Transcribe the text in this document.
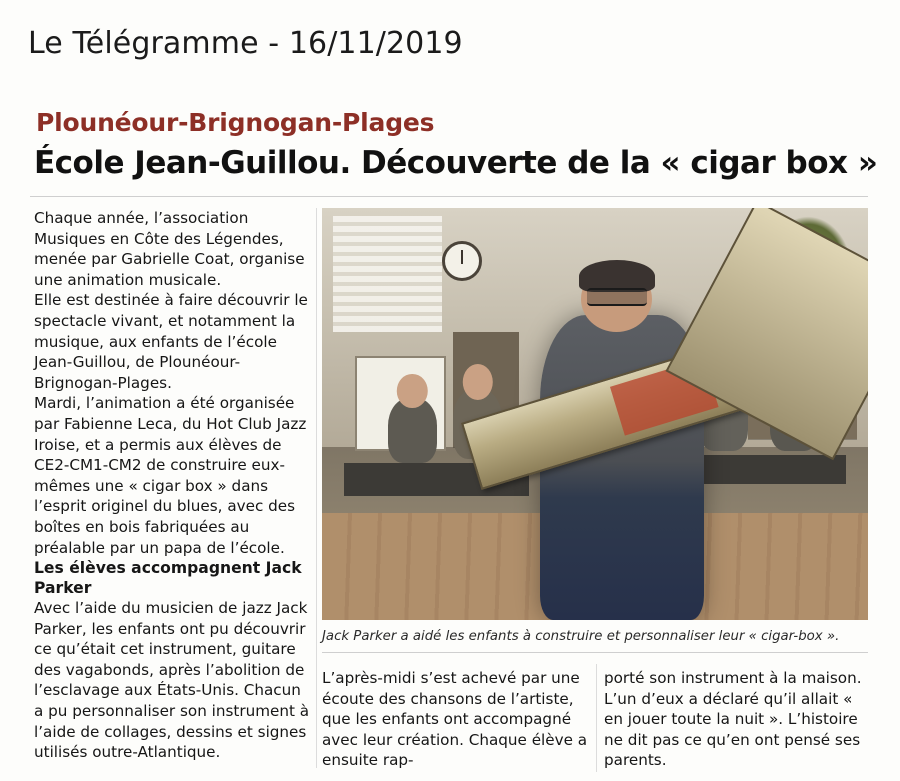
Le Télégramme - 16/11/2019
Plounéour-Brignogan-Plages
École Jean-Guillou. Découverte de la « cigar box »

Chaque année, l’association Musiques en Côte des Légendes, menée par Gabrielle Coat, organise une animation musicale.

Elle est destinée à faire découvrir le spectacle vivant, et notamment la musique, aux enfants de l’école Jean-Guillou, de Plounéour-Brignogan-Plages.

Mardi, l’animation a été organisée par Fabienne Leca, du Hot Club Jazz Iroise, et a permis aux élèves de CE2-CM1-CM2 de construire eux-mêmes une « cigar box » dans l’esprit originel du blues, avec des boîtes en bois fabriquées au préalable par un papa de l’école.

Les élèves accompagnent Jack Parker

Avec l’aide du musicien de jazz Jack Parker, les enfants ont pu découvrir ce qu’était cet instrument, guitare des vagabonds, après l’abolition de l’esclavage aux États-Unis. Chacun a pu personnaliser son instrument à l’aide de collages, dessins et signes utilisés outre-Atlantique.

Jack Parker a aidé les enfants à construire et personnaliser leur « cigar-box ».

L’après-midi s’est achevé par une écoute des chansons de l’artiste, que les enfants ont accompagné avec leur création. Chaque élève a ensuite rap-

porté son instrument à la maison. L’un d’eux a déclaré qu’il allait « en jouer toute la nuit ». L’histoire ne dit pas ce qu’en ont pensé ses parents.
